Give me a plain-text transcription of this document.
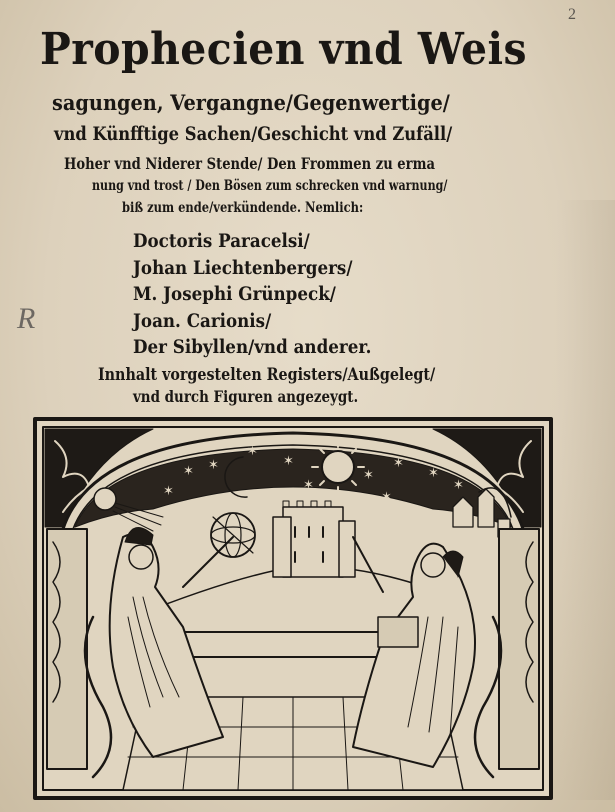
2
R
Prophecien vnd Weis
sagungen, Vergangne/Gegenwertige/
vnd Künfftige Sachen/Geschicht vnd Zufäll/
Hoher vnd Niderer Stende/ Den Frommen zu erma
nung vnd trost / Den Bösen zum schrecken vnd warnung/
biß zum ende/verkündende. Nemlich:
Doctoris Paracelsi/
Johan Liechtenbergers/
M. Josephi Grünpeck/
Joan. Carionis/
Der Sibyllen/vnd anderer.
Innhalt vorgestelten Registers/Außgelegt/
vnd durch Figuren angezeygt.
✶ ✶	✶
✶
✶
✶
✶
✶	✶
✶
✶
